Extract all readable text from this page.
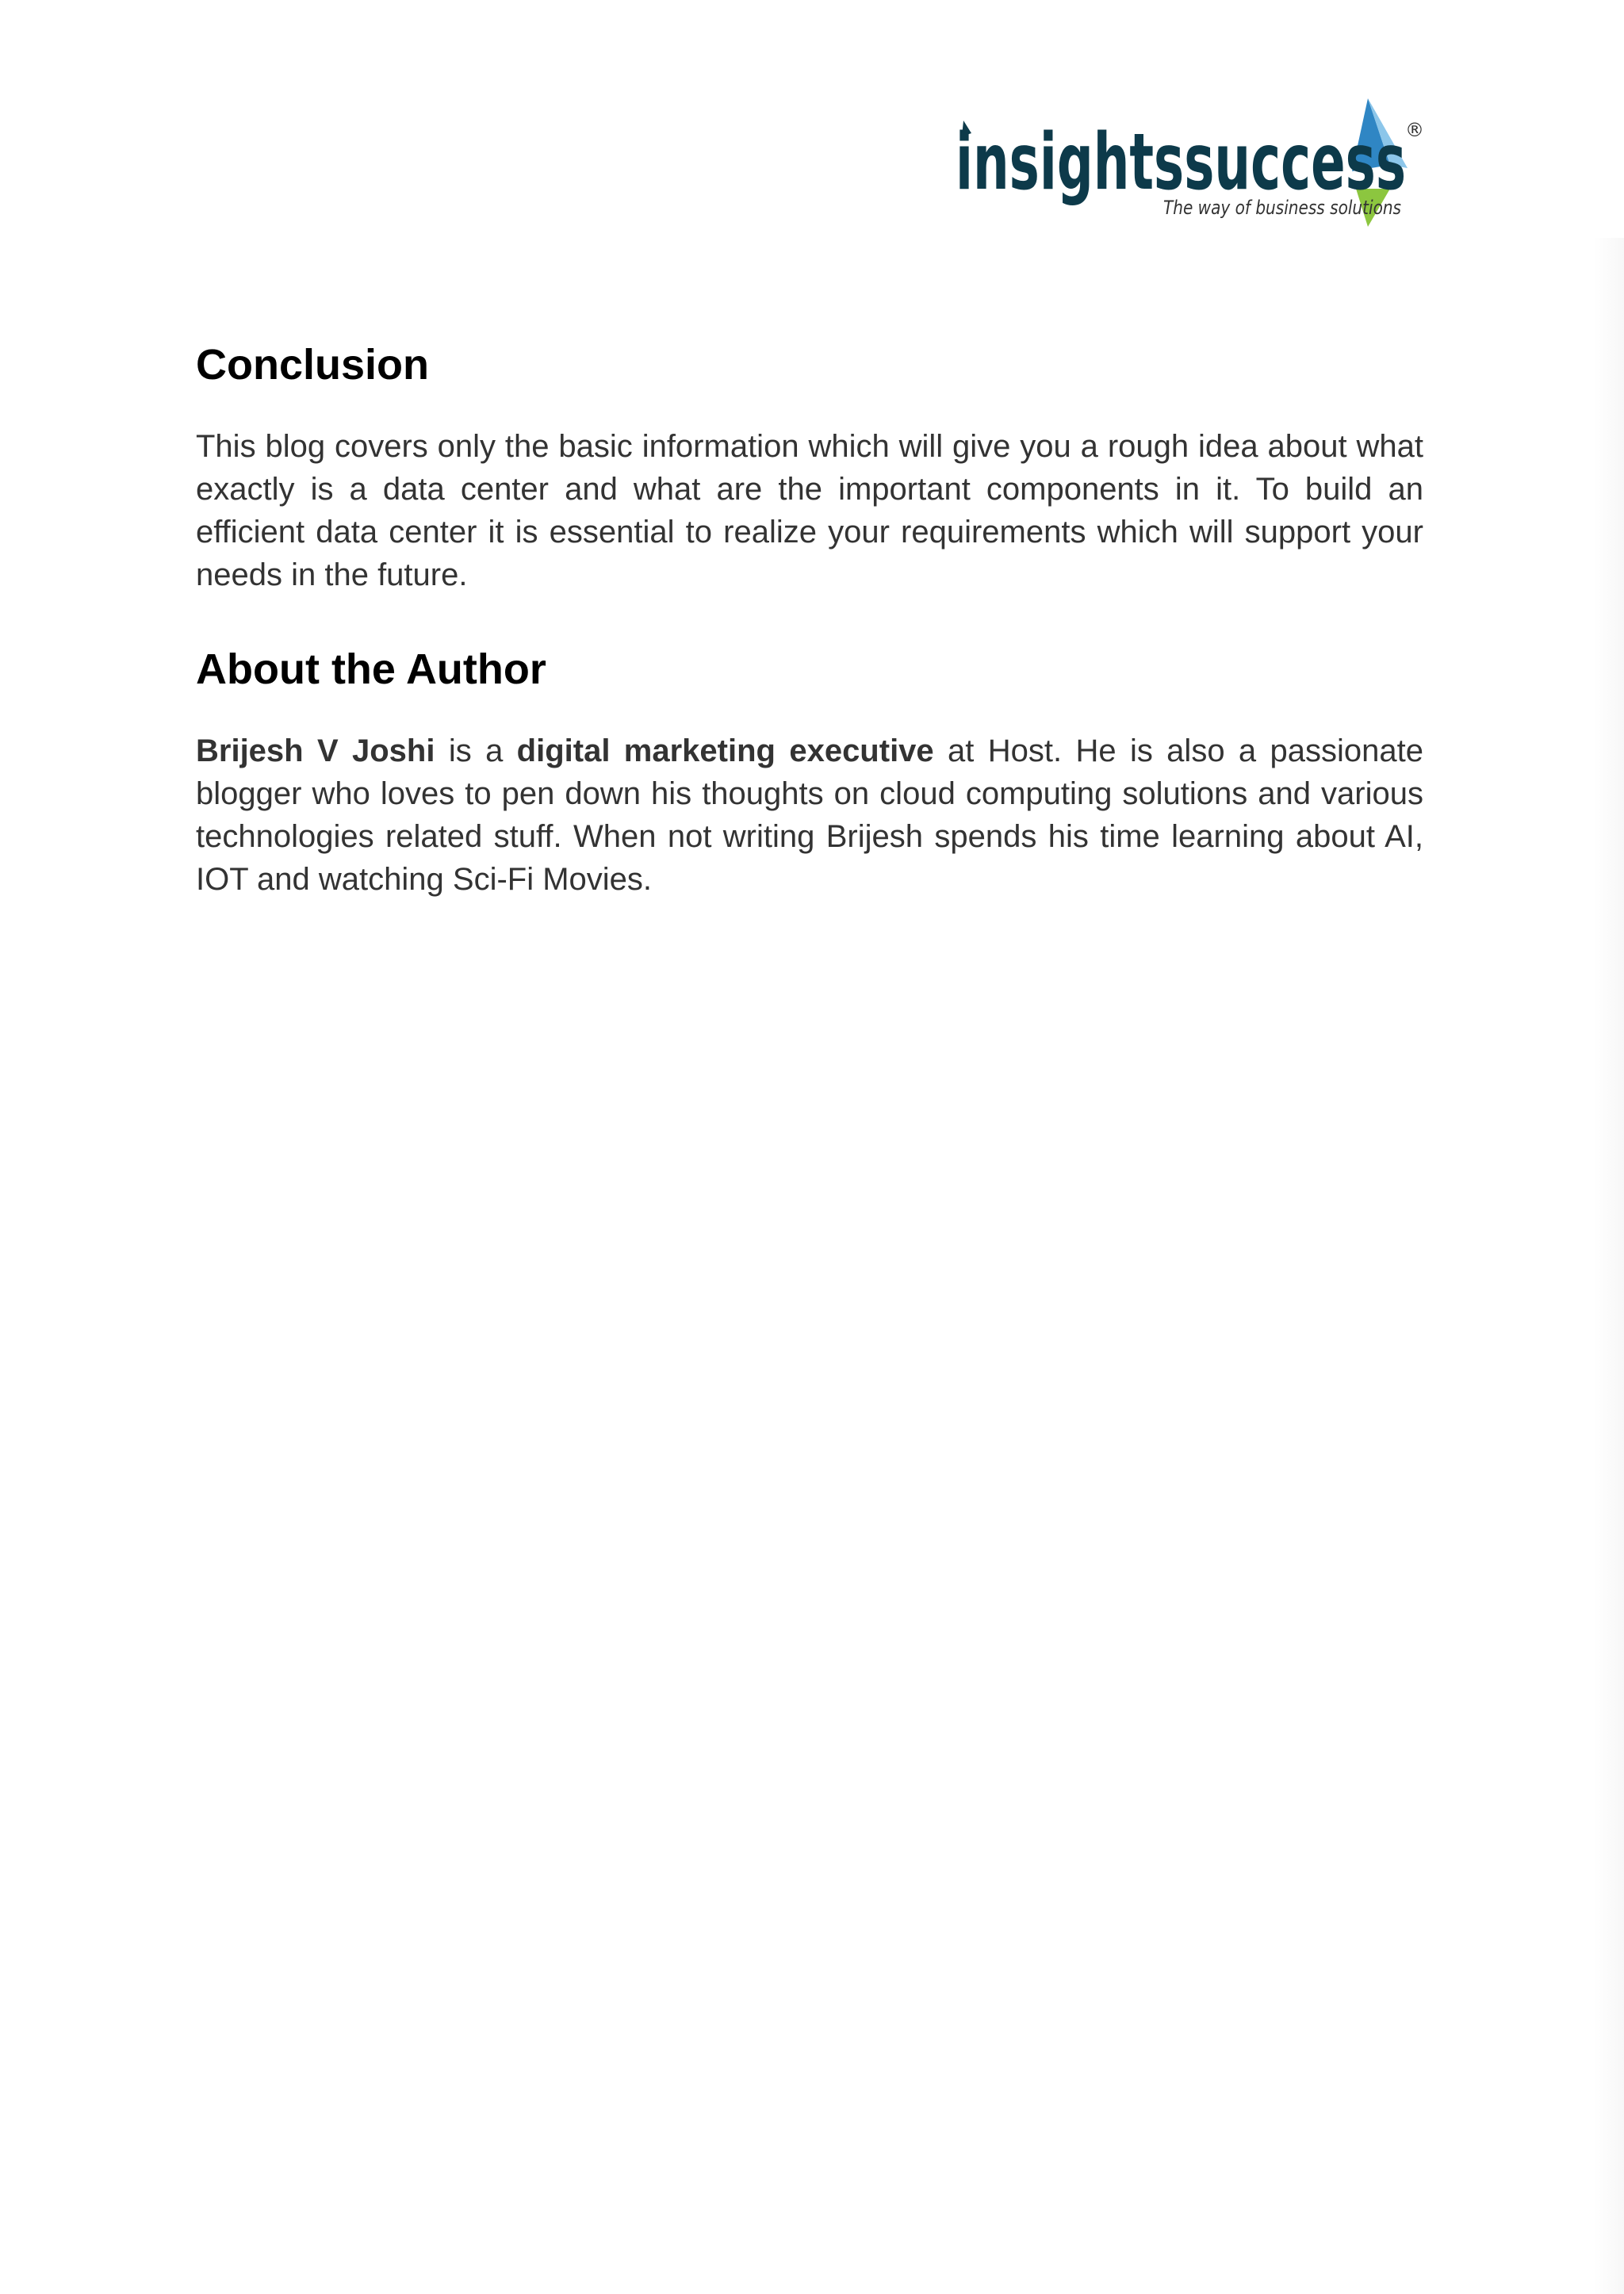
insightssuccess ®
The way of business solutions
Conclusion

This blog covers only the basic information which will give you a rough idea about what exactly is a data center and what are the important components in it. To build an efficient data center it is essential to realize your requirements which will support your needs in the future.

About the Author

Brijesh V Joshi is a digital marketing executive at Host. He is also a passionate blogger who loves to pen down his thoughts on cloud computing solutions and various technologies related stuff. When not writing Brijesh spends his time learning about AI, IOT and watching Sci-Fi Movies.
